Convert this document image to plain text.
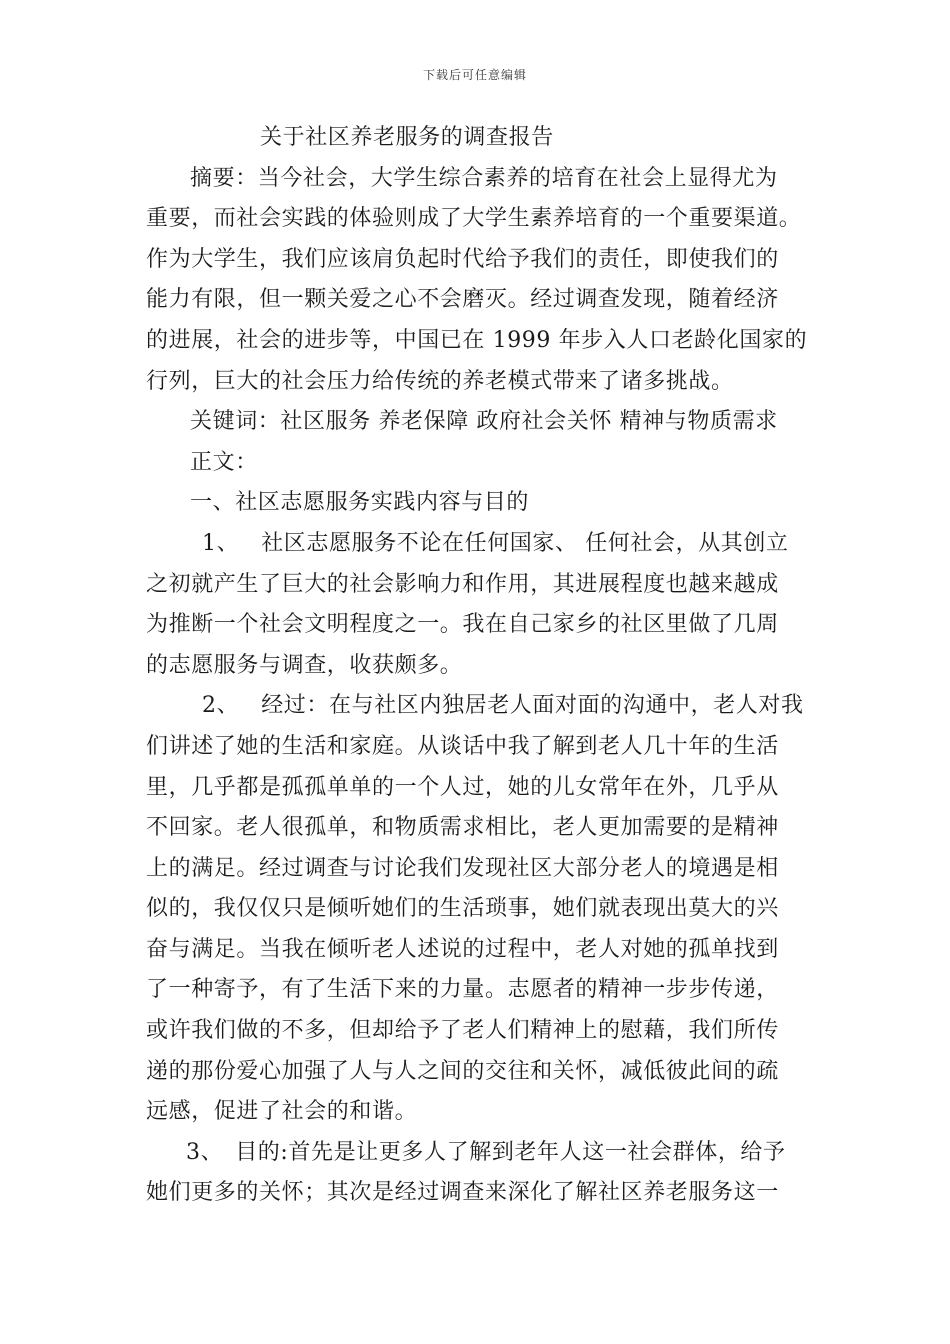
下载后可任意编辑
关于社区养老服务的调查报告
摘要：当今社会，大学生综合素养的培育在社会上显得尤为
重要，而社会实践的体验则成了大学生素养培育的一个重要渠道。
作为大学生，我们应该肩负起时代给予我们的责任，即使我们的
能力有限，但一颗关爱之心不会磨灭。经过调查发现，随着经济
的进展，社会的进步等，中国已在 1999 年步入人口老龄化国家的
行列，巨大的社会压力给传统的养老模式带来了诸多挑战。
关键词：社区服务 养老保障 政府社会关怀 精神与物质需求
正文：
一、社区志愿服务实践内容与目的
1、 社区志愿服务不论在任何国家、 任何社会，从其创立
之初就产生了巨大的社会影响力和作用，其进展程度也越来越成
为推断一个社会文明程度之一。我在自己家乡的社区里做了几周
的志愿服务与调查，收获颇多。
2、 经过：在与社区内独居老人面对面的沟通中，老人对我
们讲述了她的生活和家庭。从谈话中我了解到老人几十年的生活
里，几乎都是孤孤单单的一个人过，她的儿女常年在外，几乎从
不回家。老人很孤单，和物质需求相比，老人更加需要的是精神
上的满足。经过调查与讨论我们发现社区大部分老人的境遇是相
似的，我仅仅只是倾听她们的生活琐事，她们就表现出莫大的兴
奋与满足。当我在倾听老人述说的过程中，老人对她的孤单找到
了一种寄予，有了生活下来的力量。志愿者的精神一步步传递，
或许我们做的不多，但却给予了老人们精神上的慰藉，我们所传
递的那份爱心加强了人与人之间的交往和关怀，减低彼此间的疏
远感，促进了社会的和谐。
3、 目的:首先是让更多人了解到老年人这一社会群体，给予
她们更多的关怀；其次是经过调查来深化了解社区养老服务这一
